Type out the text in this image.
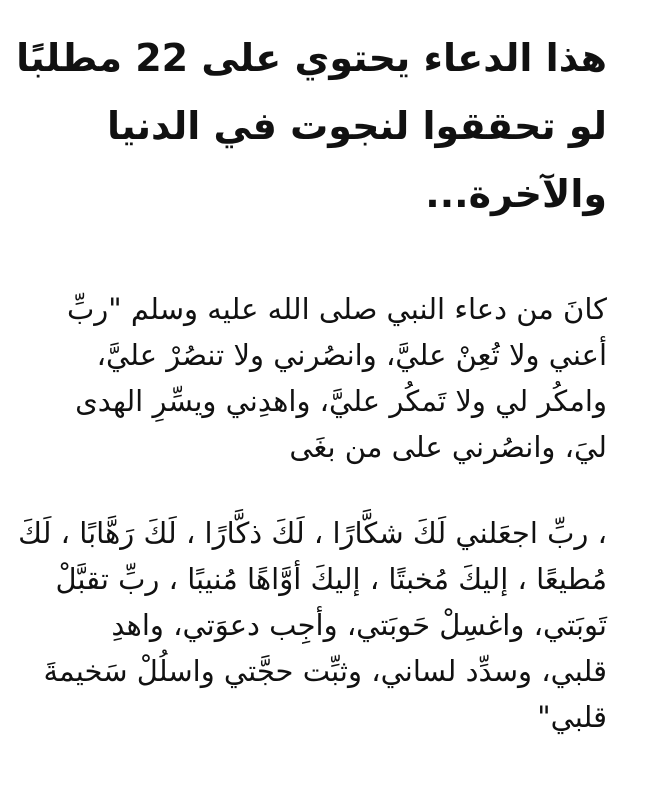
هذا الدعاء يحتوي على 22 مطلبًا
لو تحققوا لنجوت في الدنيا
والآخرة...

كانَ من دعاء النبي صلى الله عليه وسلم "ربِّ
أعني ولا تُعِنْ عليَّ، وانصُرني ولا تنصُرْ عليَّ،
وامكُر لي ولا تَمكُر عليَّ، واهدِني ويسِّرِ الهدى
ليَ، وانصُرني على من بغَى

، ربِّ اجعَلني لَكَ شكَّارًا ، لَكَ ذكَّارًا ، لَكَ رَهَّابًا ، لَكَ
مُطيعًا ، إليكَ مُخبتًا ، إليكَ أوَّاهًا مُنيبًا ، ربِّ تقبَّلْ
تَوبَتي، واغسِلْ حَوبَتي، وأجِب دعوَتي، واهدِ
قلبي، وسدِّد لساني، وثبِّت حجَّتي واسلُلْ سَخيمةَ
قلبي"
